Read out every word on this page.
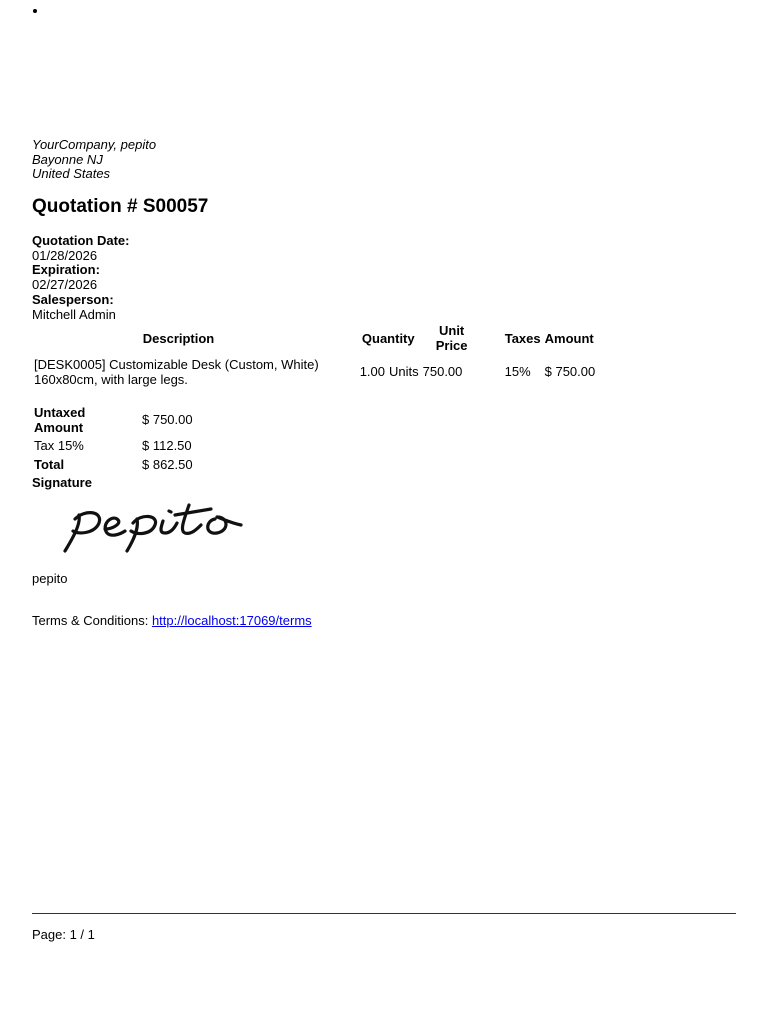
•
•
YourCompany, pepito
Bayonne NJ
United States
Quotation # S00057
Quotation Date:
01/28/2026
Expiration:
02/27/2026
Salesperson:
Mitchell Admin
Description	Quantity		Unit
Price	Taxes	Amount

[DESK0005] Customizable Desk (Custom, White)
160x80cm, with large legs.	1.00	Units	750.00	15%	$ 750.00
Untaxed
Amount	$ 750.00
Tax 15%	$ 112.50
Total	$ 862.50
Signature
pepito
Terms & Conditions: http://localhost:17069/terms
Page: 1 / 1
